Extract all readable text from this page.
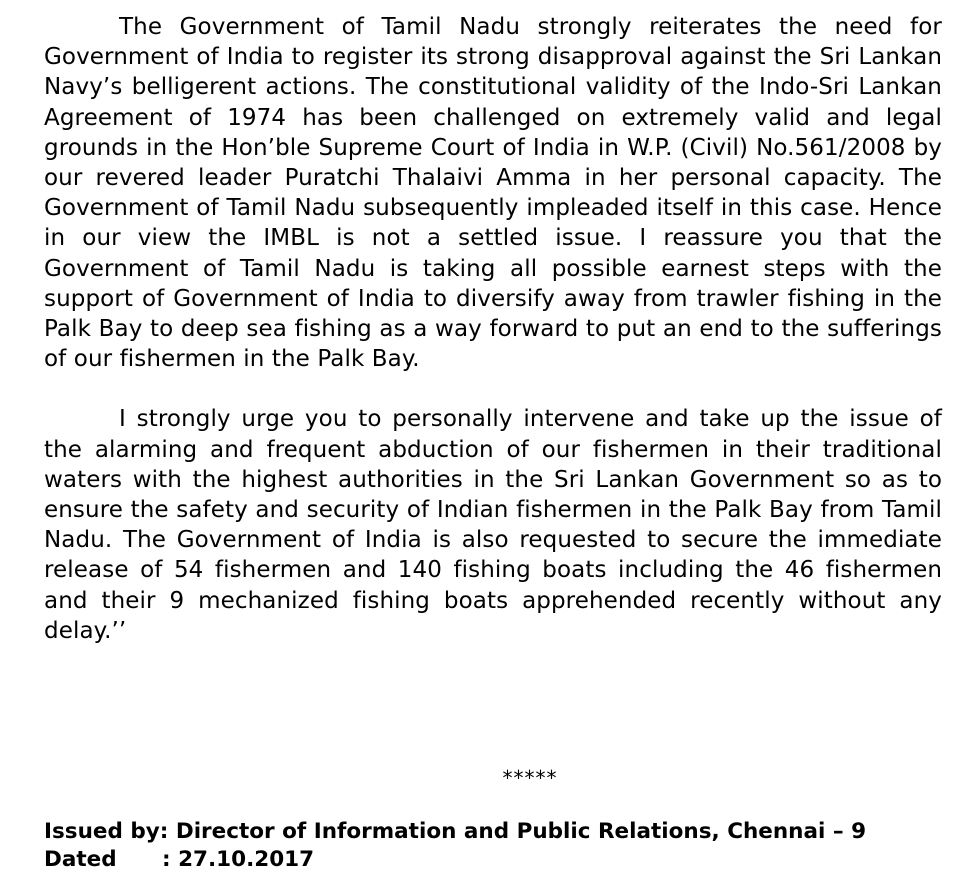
The Government of Tamil Nadu strongly reiterates the need for Government of India to register its strong disapproval against the Sri Lankan Navy’s belligerent actions. The constitutional validity of the Indo-Sri Lankan Agreement of 1974 has been challenged on extremely valid and legal grounds in the Hon’ble Supreme Court of India in W.P. (Civil) No.561/2008 by our revered leader Puratchi Thalaivi Amma in her personal capacity. The Government of Tamil Nadu subsequently impleaded itself in this case. Hence in our view the IMBL is not a settled issue. I reassure you that the Government of Tamil Nadu is taking all possible earnest steps with the support of Government of India to diversify away from trawler fishing in the Palk Bay to deep sea fishing as a way forward to put an end to the sufferings of our fishermen in the Palk Bay.

I strongly urge you to personally intervene and take up the issue of the alarming and frequent abduction of our fishermen in their traditional waters with the highest authorities in the Sri Lankan Government so as to ensure the safety and security of Indian fishermen in the Palk Bay from Tamil Nadu. The Government of India is also requested to secure the immediate release of 54 fishermen and 140 fishing boats including the 46 fishermen and their 9 mechanized fishing boats apprehended recently without any delay.’’

*****
Issued by: Director of Information and Public Relations, Chennai – 9
Dated : 27.10.2017
